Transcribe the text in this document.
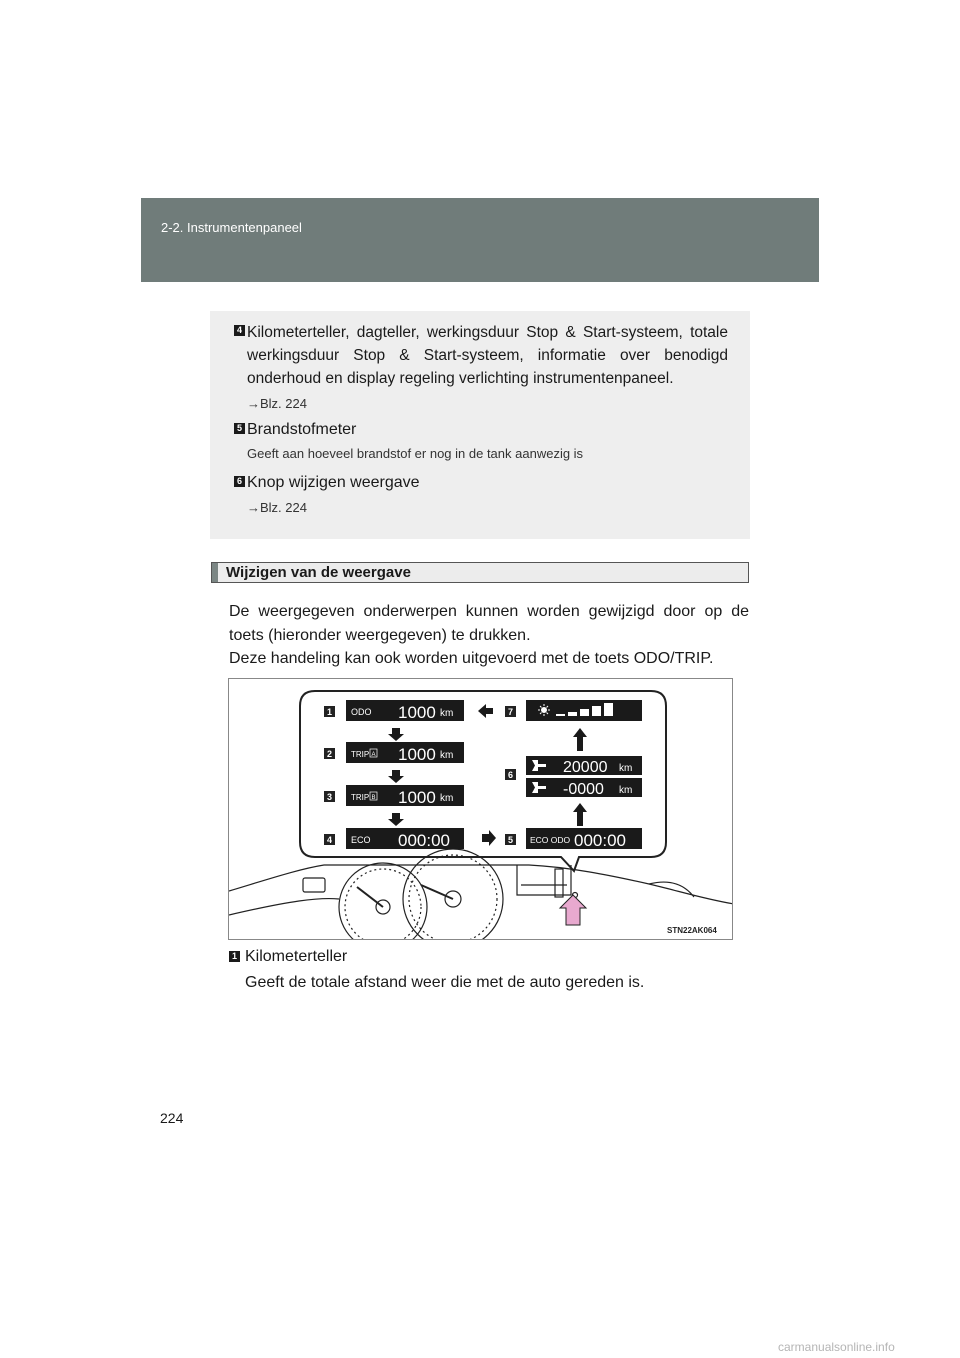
2-2. Instrumentenpaneel
4 Kilometerteller, dagteller, werkingsduur Stop & Start-systeem, totale werkingsduur Stop & Start-systeem, informatie over benodigd onderhoud en display regeling verlichting instrumentenpaneel.
→Blz. 224
5 Brandstofmeter
Geeft aan hoeveel brandstof er nog in de tank aanwezig is
6 Knop wijzigen weergave
→Blz. 224
Wijzigen van de weergave

De weergegeven onderwerpen kunnen worden gewijzigd door op de toets (hieronder weergegeven) te drukken.

Deze handeling kan ook worden uitgevoerd met de toets ODO/TRIP.

1
2
3
4	5
6
7
ODO 1000 km
TRIP A 1000 km
TRIP B 1000 km
ECO 000:00	ECO ODO 000:00
20000 km
-0000 km
STN22AK064
1 Kilometerteller
Geeft de totale afstand weer die met de auto gereden is.
224
carmanualsonline.info
